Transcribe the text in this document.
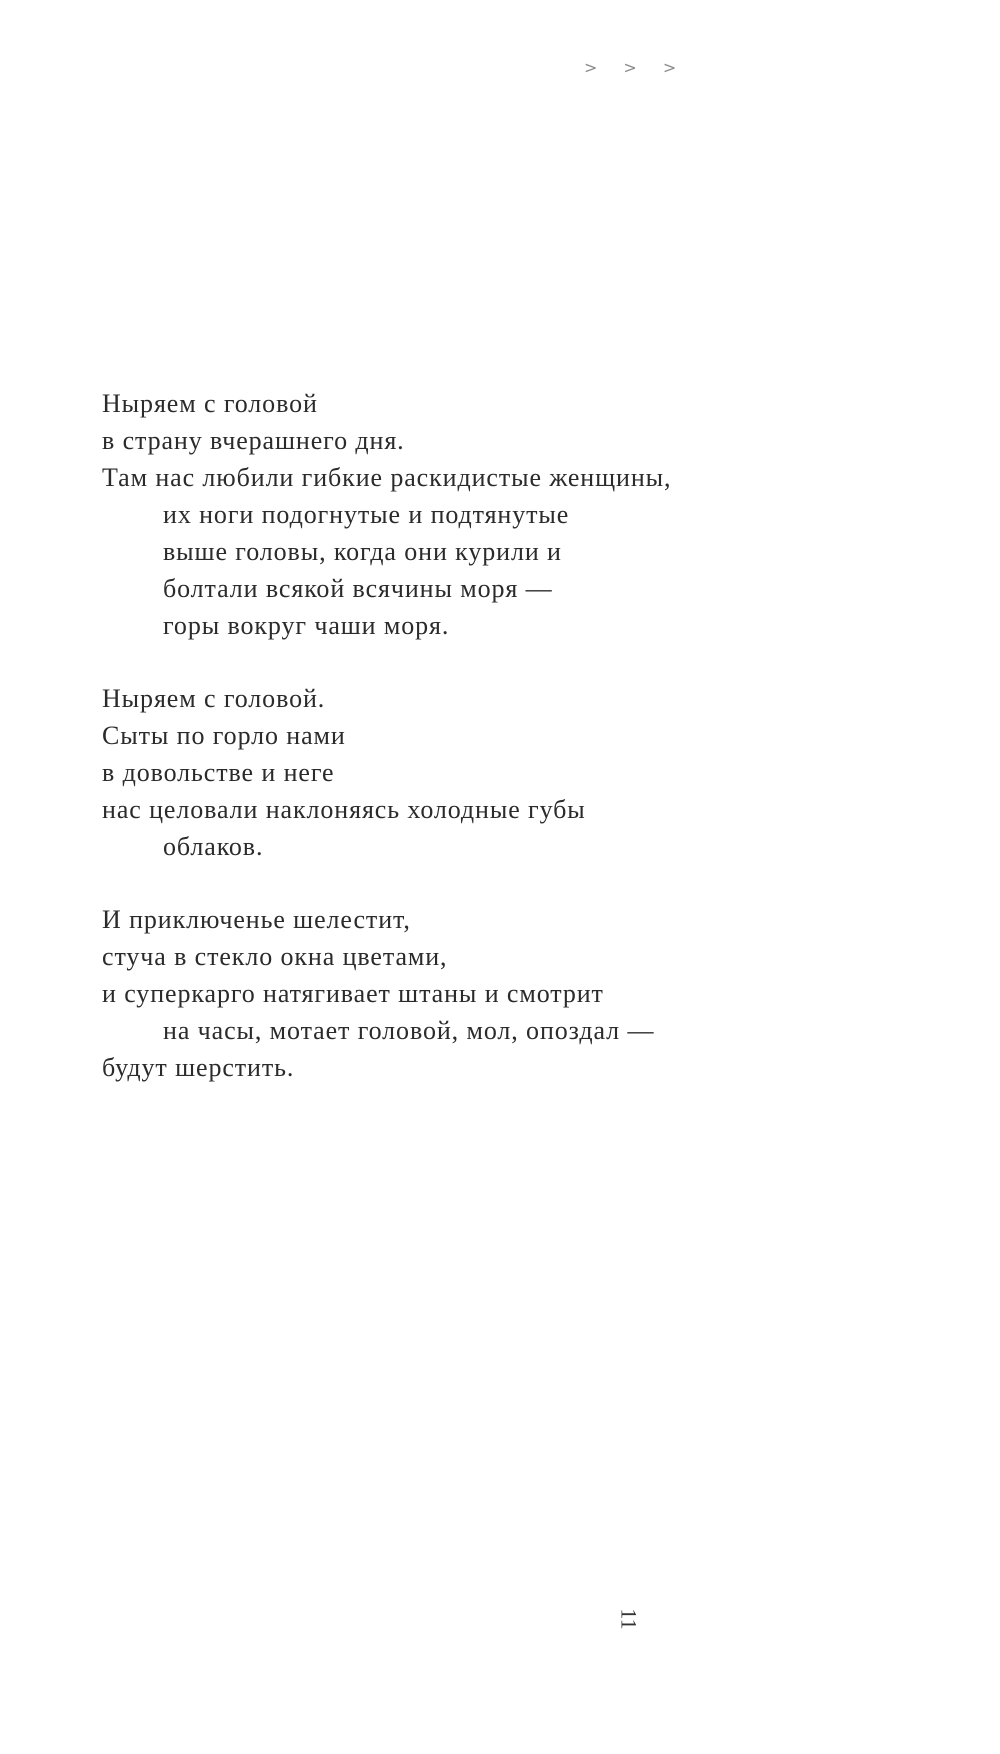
> > >
Ныряем с головой
в страну вчерашнего дня.
Там нас любили гибкие раскидистые женщины,
их ноги подогнутые и подтянутые
выше головы, когда они курили и
болтали всякой всячины моря —
горы вокруг чаши моря.
Ныряем с головой.
Сыты по горло нами
в довольстве и неге
нас целовали наклоняясь холодные губы
облаков.
И приключенье шелестит,
стуча в стекло окна цветами,
и суперкарго натягивает штаны и смотрит
на часы, мотает головой, мол, опоздал —
будут шерстить.
11
